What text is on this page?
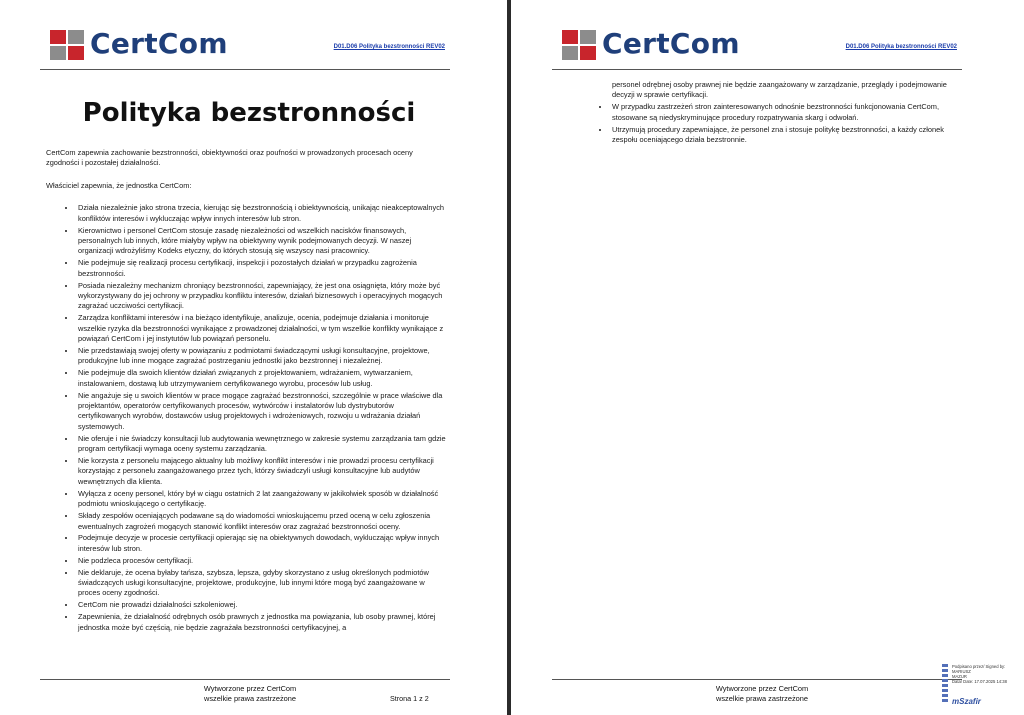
CertCom	D01.D06 Polityka bezstronności REV02
Polityka bezstronności

CertCom zapewnia zachowanie bezstronności, obiektywności oraz poufności w prowadzonych procesach oceny zgodności i pozostałej działalności.

Właściciel zapewnia, że jednostka CertCom:

• Działa niezależnie jako strona trzecia, kierując się bezstronnością i obiektywnością, unikając nieakceptowalnych konfliktów interesów i wykluczając wpływ innych interesów lub stron.
• Kierownictwo i personel CertCom stosuje zasadę niezależności od wszelkich nacisków finansowych, personalnych lub innych, które miałyby wpływ na obiektywny wynik podejmowanych decyzji. W naszej organizacji wdrożyliśmy Kodeks etyczny, do których stosują się wszyscy nasi pracownicy.
• Nie podejmuje się realizacji procesu certyfikacji, inspekcji i pozostałych działań w przypadku zagrożenia bezstronności.
• Posiada niezależny mechanizm chroniący bezstronności, zapewniający, że jest ona osiągnięta, który może być wykorzystywany do jej ochrony w przypadku konfliktu interesów, działań biznesowych i operacyjnych mogących zagrażać uczciwości certyfikacji.
• Zarządza konfliktami interesów i na bieżąco identyfikuje, analizuje, ocenia, podejmuje działania i monitoruje wszelkie ryzyka dla bezstronności wynikające z prowadzonej działalności, w tym wszelkie konflikty wynikające z powiązań CertCom i jej instytutów lub powiązań personelu.
• Nie przedstawiają swojej oferty w powiązaniu z podmiotami świadczącymi usługi konsultacyjne, projektowe, produkcyjne lub inne mogące zagrażać postrzeganiu jednostki jako bezstronnej i niezależnej.
• Nie podejmuje dla swoich klientów działań związanych z projektowaniem, wdrażaniem, wytwarzaniem, instalowaniem, dostawą lub utrzymywaniem certyfikowanego wyrobu, procesów lub usług.
• Nie angażuje się u swoich klientów w prace mogące zagrażać bezstronności, szczególnie w prace właściwe dla projektantów, operatorów certyfikowanych procesów, wytwórców i instalatorów lub dystrybutorów certyfikowanych wyrobów, dostawców usług projektowych i wdrożeniowych, rozwoju u wdrażania działań systemowych.
• Nie oferuje i nie świadczy konsultacji lub audytowania wewnętrznego w zakresie systemu zarządzania tam gdzie program certyfikacji wymaga oceny systemu zarządzania.
• Nie korzysta z personelu mającego aktualny lub możliwy konflikt interesów i nie prowadzi procesu certyfikacji korzystając z personelu zaangażowanego przez tych, którzy świadczyli usługi konsultacyjne lub audytów wewnętrznych dla klienta.
• Wyłącza z oceny personel, który był w ciągu ostatnich 2 lat zaangażowany w jakikolwiek sposób w działalność podmiotu wnioskującego o certyfikację.
• Składy zespołów oceniających podawane są do wiadomości wnioskującemu przed oceną w celu zgłoszenia ewentualnych zagrożeń mogących stanowić konflikt interesów oraz zagrażać bezstronności oceny.
• Podejmuje decyzje w procesie certyfikacji opierając się na obiektywnych dowodach, wykluczając wpływ innych interesów lub stron.
• Nie podzleca procesów certyfikacji.
• Nie deklaruje, że ocena byłaby tańsza, szybsza, lepsza, gdyby skorzystano z usług określonych podmiotów świadczących usługi konsultacyjne, projektowe, produkcyjne, lub innymi które mogą być zaangażowane w proces oceny zgodności.
• CertCom nie prowadzi działalności szkoleniowej.
• Zapewnienia, że działalność odrębnych osób prawnych z jednostka ma powiązania, lub osoby prawnej, której jednostka może być częścią, nie będzie zagrażała bezstronności certyfikacyjnej, a
Wytworzone przez CertCom
wszelkie prawa zastrzeżone	Strona 1 z 2
CertCom	D01.D06 Polityka bezstronności REV02
personel odrębnej osoby prawnej nie będzie zaangażowany w zarządzanie, przeglądy i podejmowanie decyzji w sprawie certyfikacji.
• W przypadku zastrzeżeń stron zainteresowanych odnośnie bezstronności funkcjonowania CertCom, stosowane są niedyskryminujące procedury rozpatrywania skarg i odwołań.
• Utrzymują procedury zapewniające, że personel zna i stosuje politykę bezstronności, a każdy członek zespołu oceniającego działa bezstronnie.
Wytworzone przez CertCom
wszelkie prawa zastrzeżone
Podpisano przez/ Signed by:
MARIUSZ
MAZUR
Data/ Date: 17.07.2025 14:38
mSzafir
